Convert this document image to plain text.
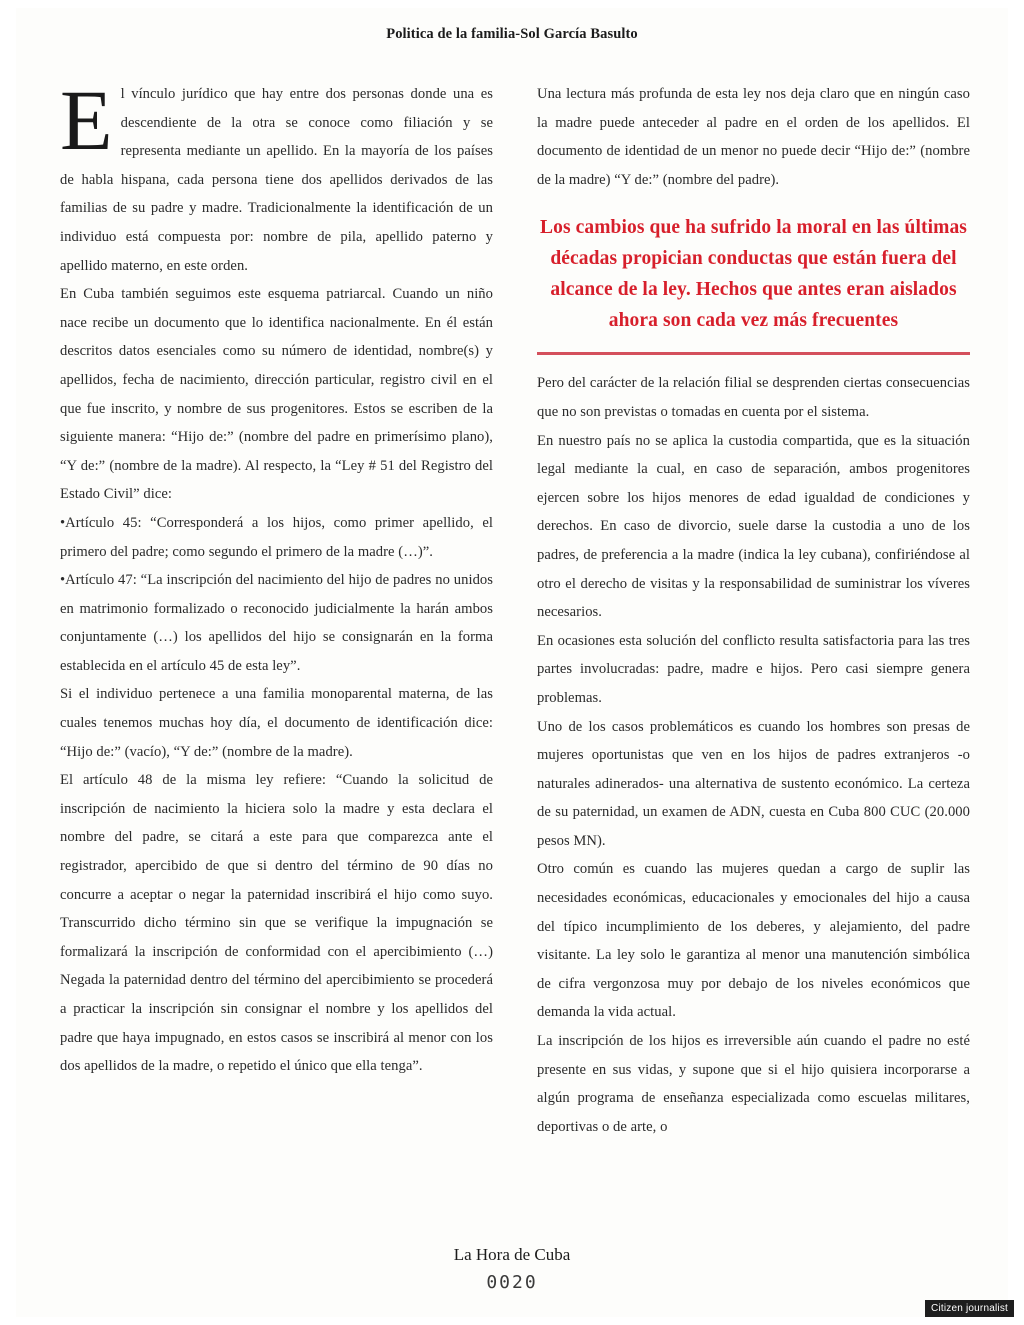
Politica de la familia-Sol García Basulto

El vínculo jurídico que hay entre dos personas donde una es descendiente de la otra se conoce como filiación y se representa mediante un apellido. En la mayoría de los países de habla hispana, cada persona tiene dos apellidos derivados de las familias de su padre y madre. Tradicionalmente la identificación de un individuo está compuesta por: nombre de pila, apellido paterno y apellido materno, en este orden.

En Cuba también seguimos este esquema patriarcal. Cuando un niño nace recibe un documento que lo identifica nacionalmente. En él están descritos datos esenciales como su número de identidad, nombre(s) y apellidos, fecha de nacimiento, dirección particular, registro civil en el que fue inscrito, y nombre de sus progenitores. Estos se escriben de la siguiente manera: “Hijo de:” (nombre del padre en primerísimo plano), “Y de:” (nombre de la madre). Al respecto, la “Ley # 51 del Registro del Estado Civil” dice:

•Artículo 45: “Corresponderá a los hijos, como primer apellido, el primero del padre; como segundo el primero de la madre (…)”.

•Artículo 47: “La inscripción del nacimiento del hijo de padres no unidos en matrimonio formalizado o reconocido judicialmente la harán ambos conjuntamente (…) los apellidos del hijo se consignarán en la forma establecida en el artículo 45 de esta ley”.

Si el individuo pertenece a una familia monoparental materna, de las cuales tenemos muchas hoy día, el documento de identificación dice: “Hijo de:” (vacío), “Y de:” (nombre de la madre).

El artículo 48 de la misma ley refiere: “Cuando la solicitud de inscripción de nacimiento la hiciera solo la madre y esta declara el nombre del padre, se citará a este para que comparezca ante el registrador, apercibido de que si dentro del término de 90 días no concurre a aceptar o negar la paternidad inscribirá el hijo como suyo. Transcurrido dicho término sin que se verifique la impugnación se formalizará la inscripción de conformidad con el apercibimiento (…) Negada la paternidad dentro del término del apercibimiento se procederá a practicar la inscripción sin consignar el nombre y los apellidos del padre que haya impugnado, en estos casos se inscribirá al menor con los dos apellidos de la madre, o repetido el único que ella tenga”.

Una lectura más profunda de esta ley nos deja claro que en ningún caso la madre puede anteceder al padre en el orden de los apellidos. El documento de identidad de un menor no puede decir “Hijo de:” (nombre de la madre) “Y de:” (nombre del padre).

Los cambios que ha sufrido la moral en las últimas décadas propician conductas que están fuera del alcance de la ley. Hechos que antes eran aislados ahora son cada vez más frecuentes

Pero del carácter de la relación filial se desprenden ciertas consecuencias que no son previstas o tomadas en cuenta por el sistema.

En nuestro país no se aplica la custodia compartida, que es la situación legal mediante la cual, en caso de separación, ambos progenitores ejercen sobre los hijos menores de edad igualdad de condiciones y derechos. En caso de divorcio, suele darse la custodia a uno de los padres, de preferencia a la madre (indica la ley cubana), confiriéndose al otro el derecho de visitas y la responsabilidad de suministrar los víveres necesarios.

En ocasiones esta solución del conflicto resulta satisfactoria para las tres partes involucradas: padre, madre e hijos. Pero casi siempre genera problemas.

Uno de los casos problemáticos es cuando los hombres son presas de mujeres oportunistas que ven en los hijos de padres extranjeros -o naturales adinerados- una alternativa de sustento económico. La certeza de su paternidad, un examen de ADN, cuesta en Cuba 800 CUC (20.000 pesos MN).

Otro común es cuando las mujeres quedan a cargo de suplir las necesidades económicas, educacionales y emocionales del hijo a causa del típico incumplimiento de los deberes, y alejamiento, del padre visitante. La ley solo le garantiza al menor una manutención simbólica de cifra vergonzosa muy por debajo de los niveles económicos que demanda la vida actual.

La inscripción de los hijos es irreversible aún cuando el padre no esté presente en sus vidas, y supone que si el hijo quisiera incorporarse a algún programa de enseñanza especializada como escuelas militares, deportivas o de arte, o

La Hora de Cuba
0020
Citizen journalist
